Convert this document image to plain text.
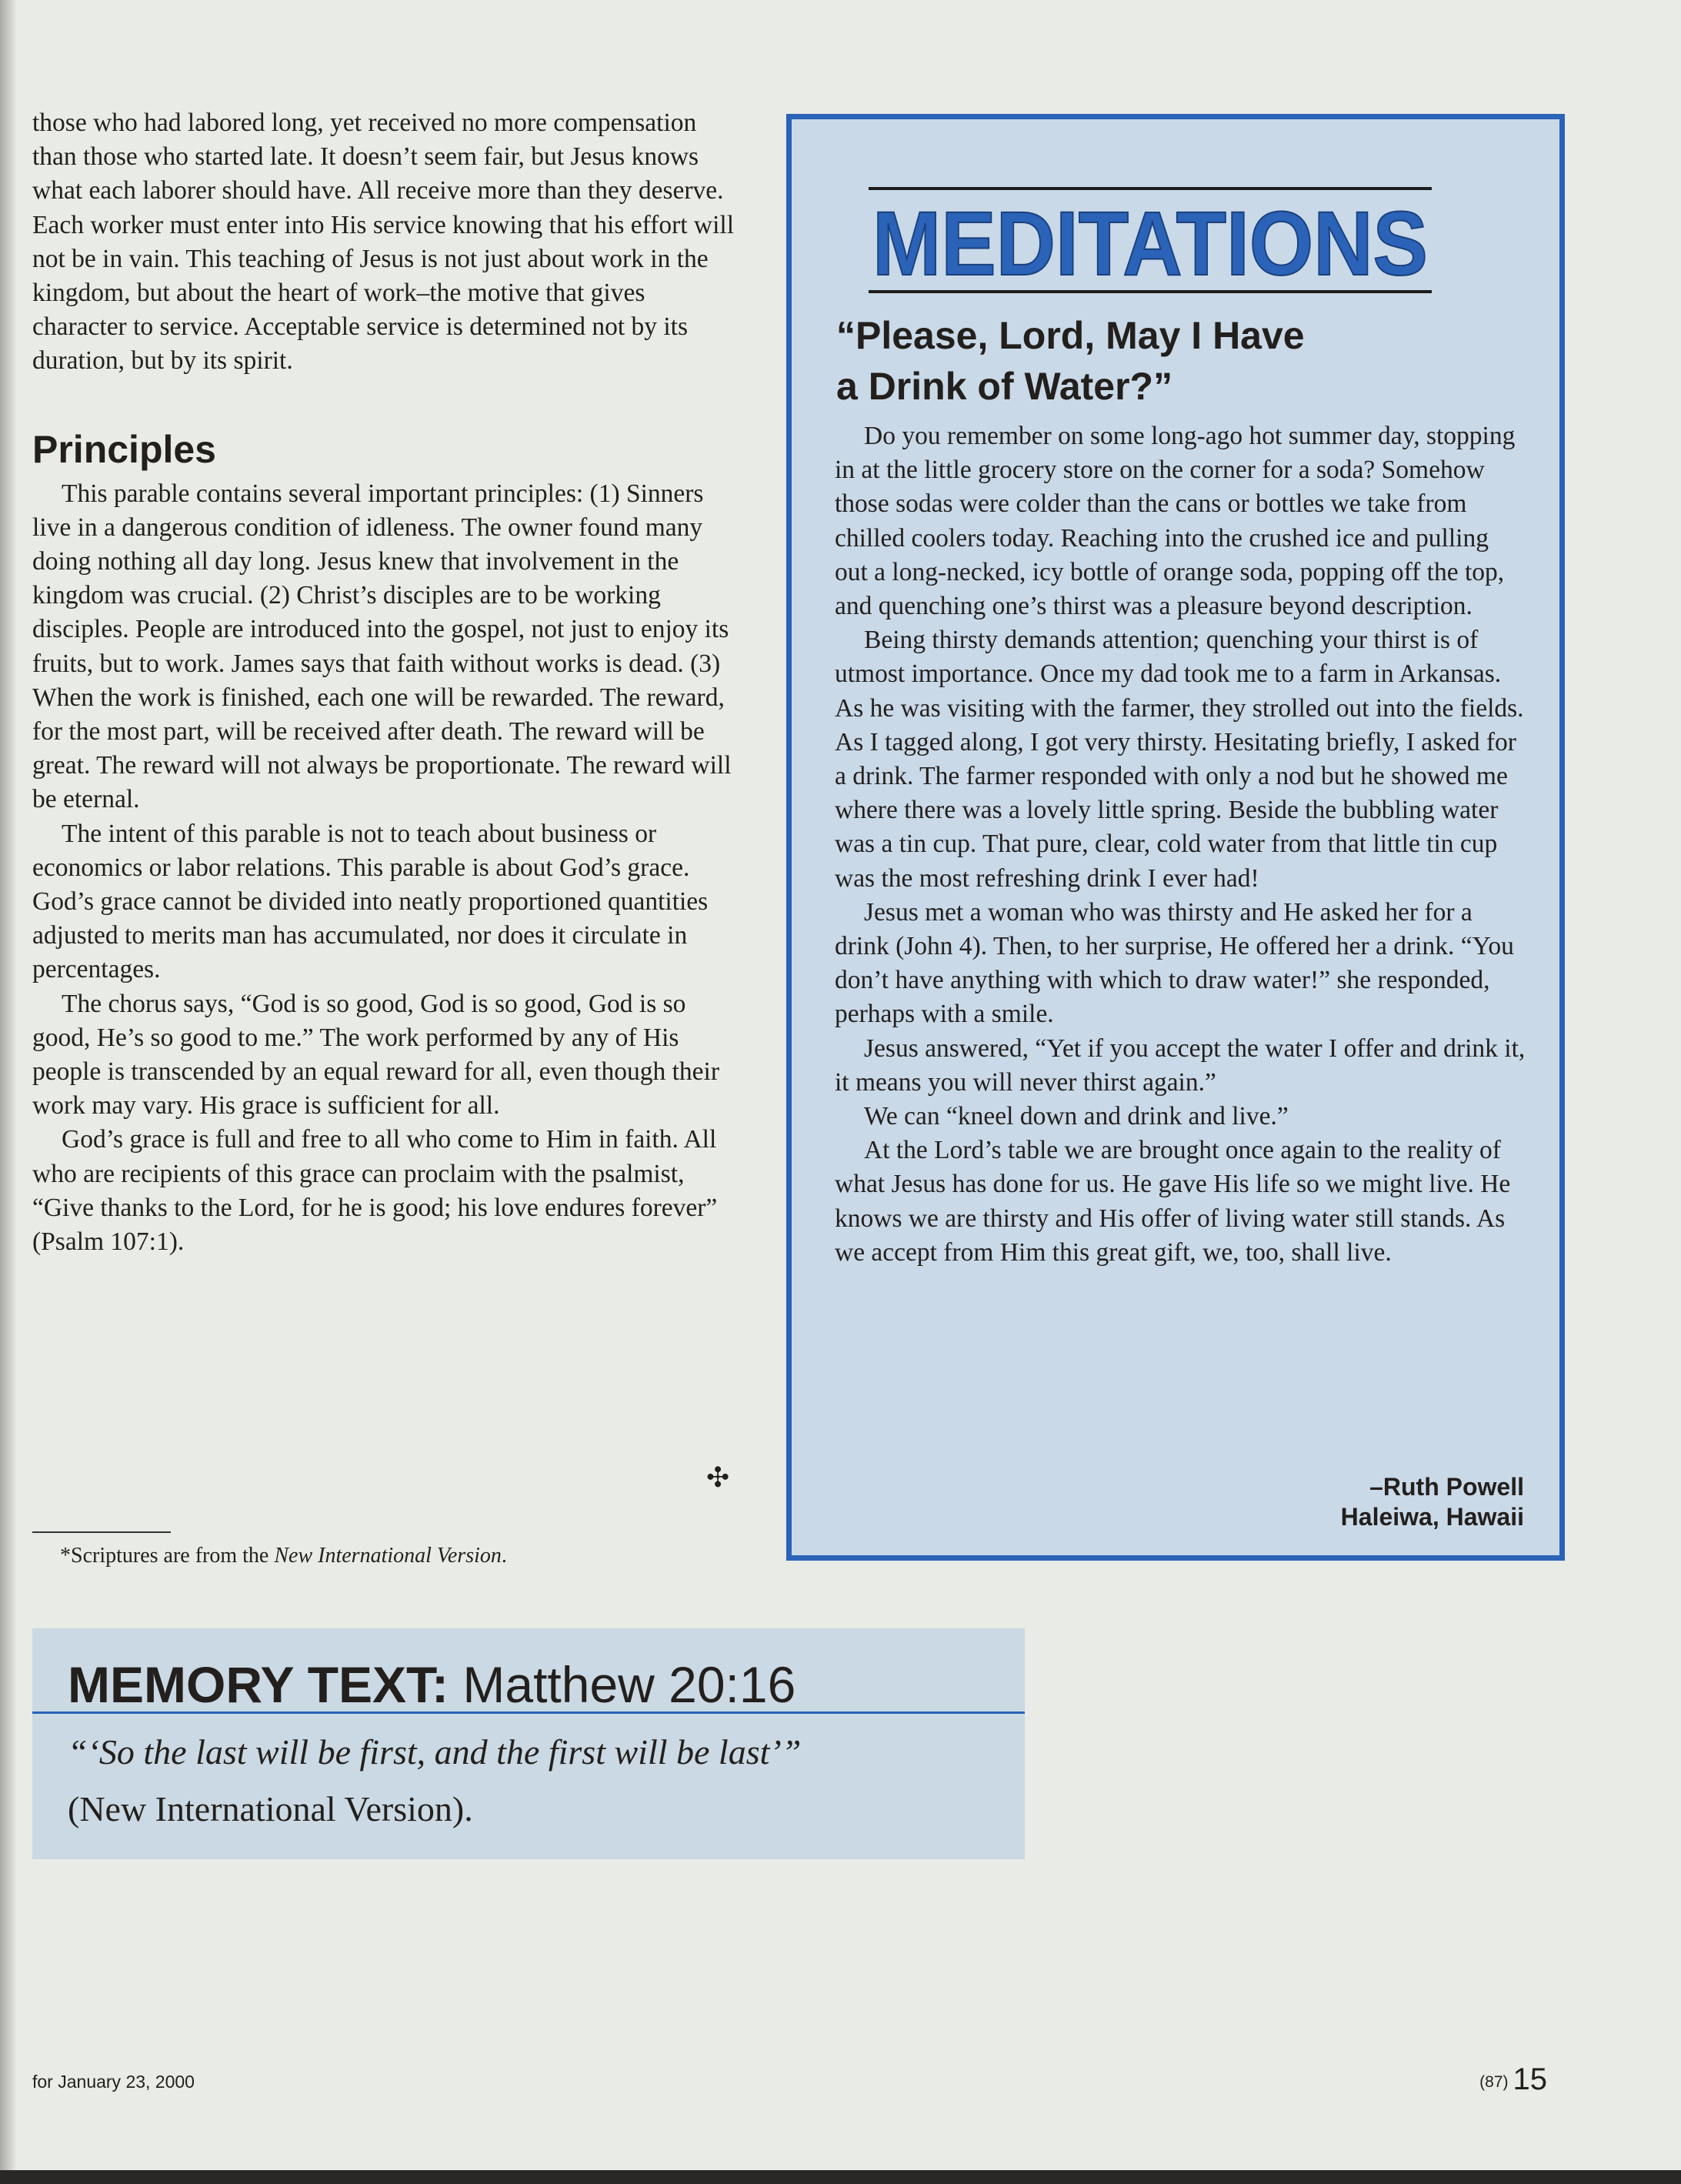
those who had labored long, yet received no more compensation than those who started late. It doesn’t seem fair, but Jesus knows what each laborer should have. All receive more than they deserve. Each worker must enter into His service knowing that his effort will not be in vain. This teaching of Jesus is not just about work in the kingdom, but about the heart of work–the motive that gives character to service. Acceptable service is determined not by its duration, but by its spirit.

Principles

This parable contains several important principles: (1) Sinners live in a dangerous condition of idleness. The owner found many doing nothing all day long. Jesus knew that involvement in the kingdom was crucial. (2) Christ’s disciples are to be working disciples. People are introduced into the gospel, not just to enjoy its fruits, but to work. James says that faith without works is dead. (3) When the work is finished, each one will be rewarded. The reward, for the most part, will be received after death. The reward will be great. The reward will not always be proportionate. The reward will be eternal.

The intent of this parable is not to teach about business or economics or labor relations. This parable is about God’s grace. God’s grace cannot be divided into neatly proportioned quantities adjusted to merits man has accumulated, nor does it circulate in percentages.

The chorus says, “God is so good, God is so good, God is so good, He’s so good to me.” The work performed by any of His people is transcended by an equal reward for all, even though their work may vary. His grace is sufficient for all.

God’s grace is full and free to all who come to Him in faith. All who are recipients of this grace can proclaim with the psalmist, “Give thanks to the Lord, for he is good; his love endures forever” (Psalm 107:1).

✣
*Scriptures are from the New International Version.
MEDITATIONS
“Please, Lord, May I Have
a Drink of Water?”

Do you remember on some long-ago hot summer day, stopping in at the little grocery store on the corner for a soda? Somehow those sodas were colder than the cans or bottles we take from chilled coolers today. Reaching into the crushed ice and pulling out a long-necked, icy bottle of orange soda, popping off the top, and quenching one’s thirst was a pleasure beyond description.

Being thirsty demands attention; quenching your thirst is of utmost importance. Once my dad took me to a farm in Arkansas. As he was visiting with the farmer, they strolled out into the fields. As I tagged along, I got very thirsty. Hesitating briefly, I asked for a drink. The farmer responded with only a nod but he showed me where there was a lovely little spring. Beside the bubbling water was a tin cup. That pure, clear, cold water from that little tin cup was the most refreshing drink I ever had!

Jesus met a woman who was thirsty and He asked her for a drink (John 4). Then, to her surprise, He offered her a drink. “You don’t have anything with which to draw water!” she responded, perhaps with a smile.

Jesus answered, “Yet if you accept the water I offer and drink it, it means you will never thirst again.”

We can “kneel down and drink and live.”

At the Lord’s table we are brought once again to the reality of what Jesus has done for us. He gave His life so we might live. He knows we are thirsty and His offer of living water still stands. As we accept from Him this great gift, we, too, shall live.

–Ruth Powell
Haleiwa, Hawaii
MEMORY TEXT: Matthew 20:16
“‘So the last will be first, and the first will be last’”
(New International Version).
for January 23, 2000	(87) 15
